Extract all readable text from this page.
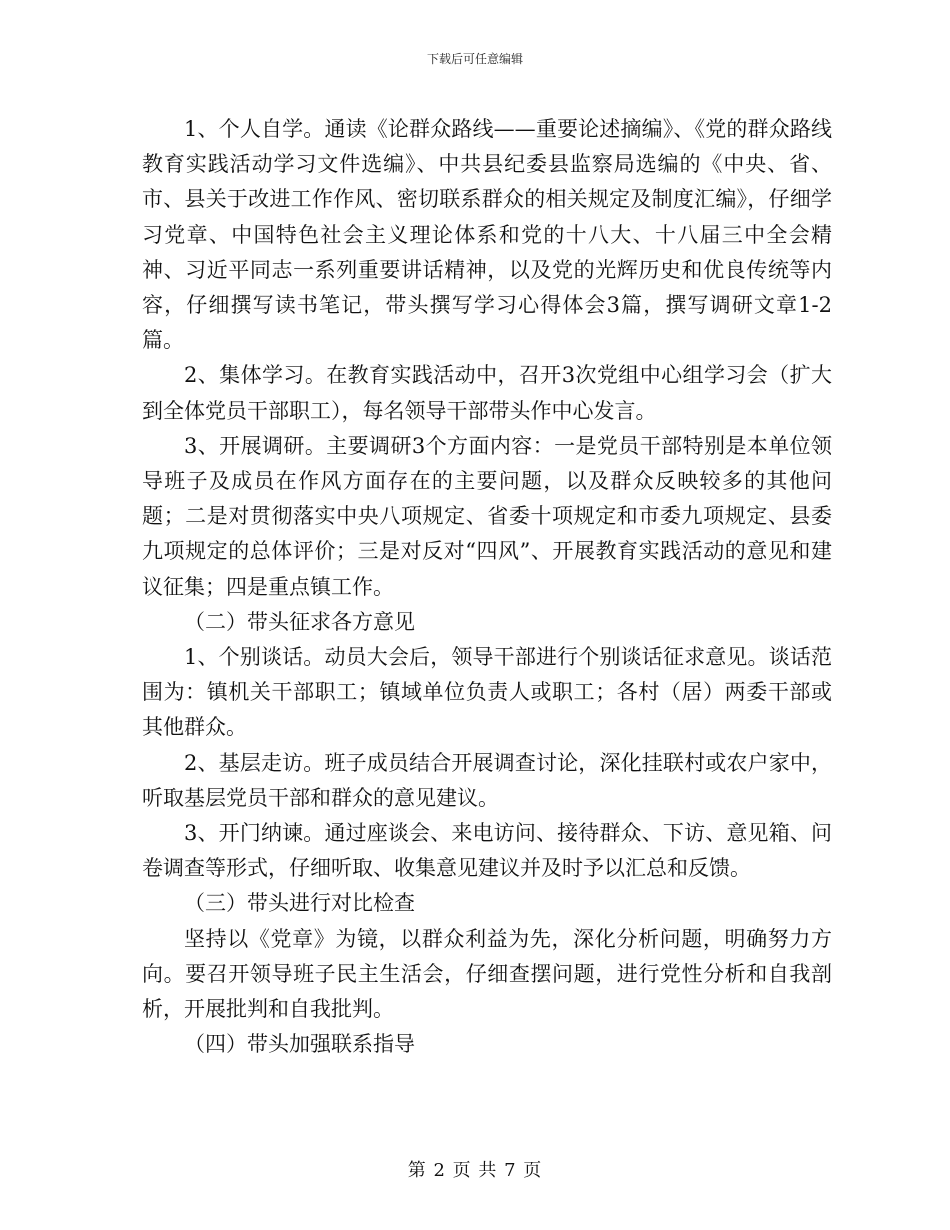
下载后可任意编辑

1、个人自学。通读《论群众路线——重要论述摘编》、《党的群众路线教育实践活动学习文件选编》、中共县纪委县监察局选编的《中央、省、市、县关于改进工作作风、密切联系群众的相关规定及制度汇编》，仔细学习党章、中国特色社会主义理论体系和党的十八大、十八届三中全会精神、习近平同志一系列重要讲话精神，以及党的光辉历史和优良传统等内容，仔细撰写读书笔记，带头撰写学习心得体会3篇，撰写调研文章1-2篇。

2、集体学习。在教育实践活动中，召开3次党组中心组学习会（扩大到全体党员干部职工），每名领导干部带头作中心发言。

3、开展调研。主要调研3个方面内容：一是党员干部特别是本单位领导班子及成员在作风方面存在的主要问题，以及群众反映较多的其他问题；二是对贯彻落实中央八项规定、省委十项规定和市委九项规定、县委九项规定的总体评价；三是对反对“四风”、开展教育实践活动的意见和建议征集；四是重点镇工作。

（二）带头征求各方意见

1、个别谈话。动员大会后，领导干部进行个别谈话征求意见。谈话范围为：镇机关干部职工；镇域单位负责人或职工；各村（居）两委干部或其他群众。

2、基层走访。班子成员结合开展调查讨论，深化挂联村或农户家中，听取基层党员干部和群众的意见建议。

3、开门纳谏。通过座谈会、来电访问、接待群众、下访、意见箱、问卷调查等形式，仔细听取、收集意见建议并及时予以汇总和反馈。

（三）带头进行对比检查

坚持以《党章》为镜，以群众利益为先，深化分析问题，明确努力方向。要召开领导班子民主生活会，仔细查摆问题，进行党性分析和自我剖析，开展批判和自我批判。

（四）带头加强联系指导

第 2 页 共 7 页
